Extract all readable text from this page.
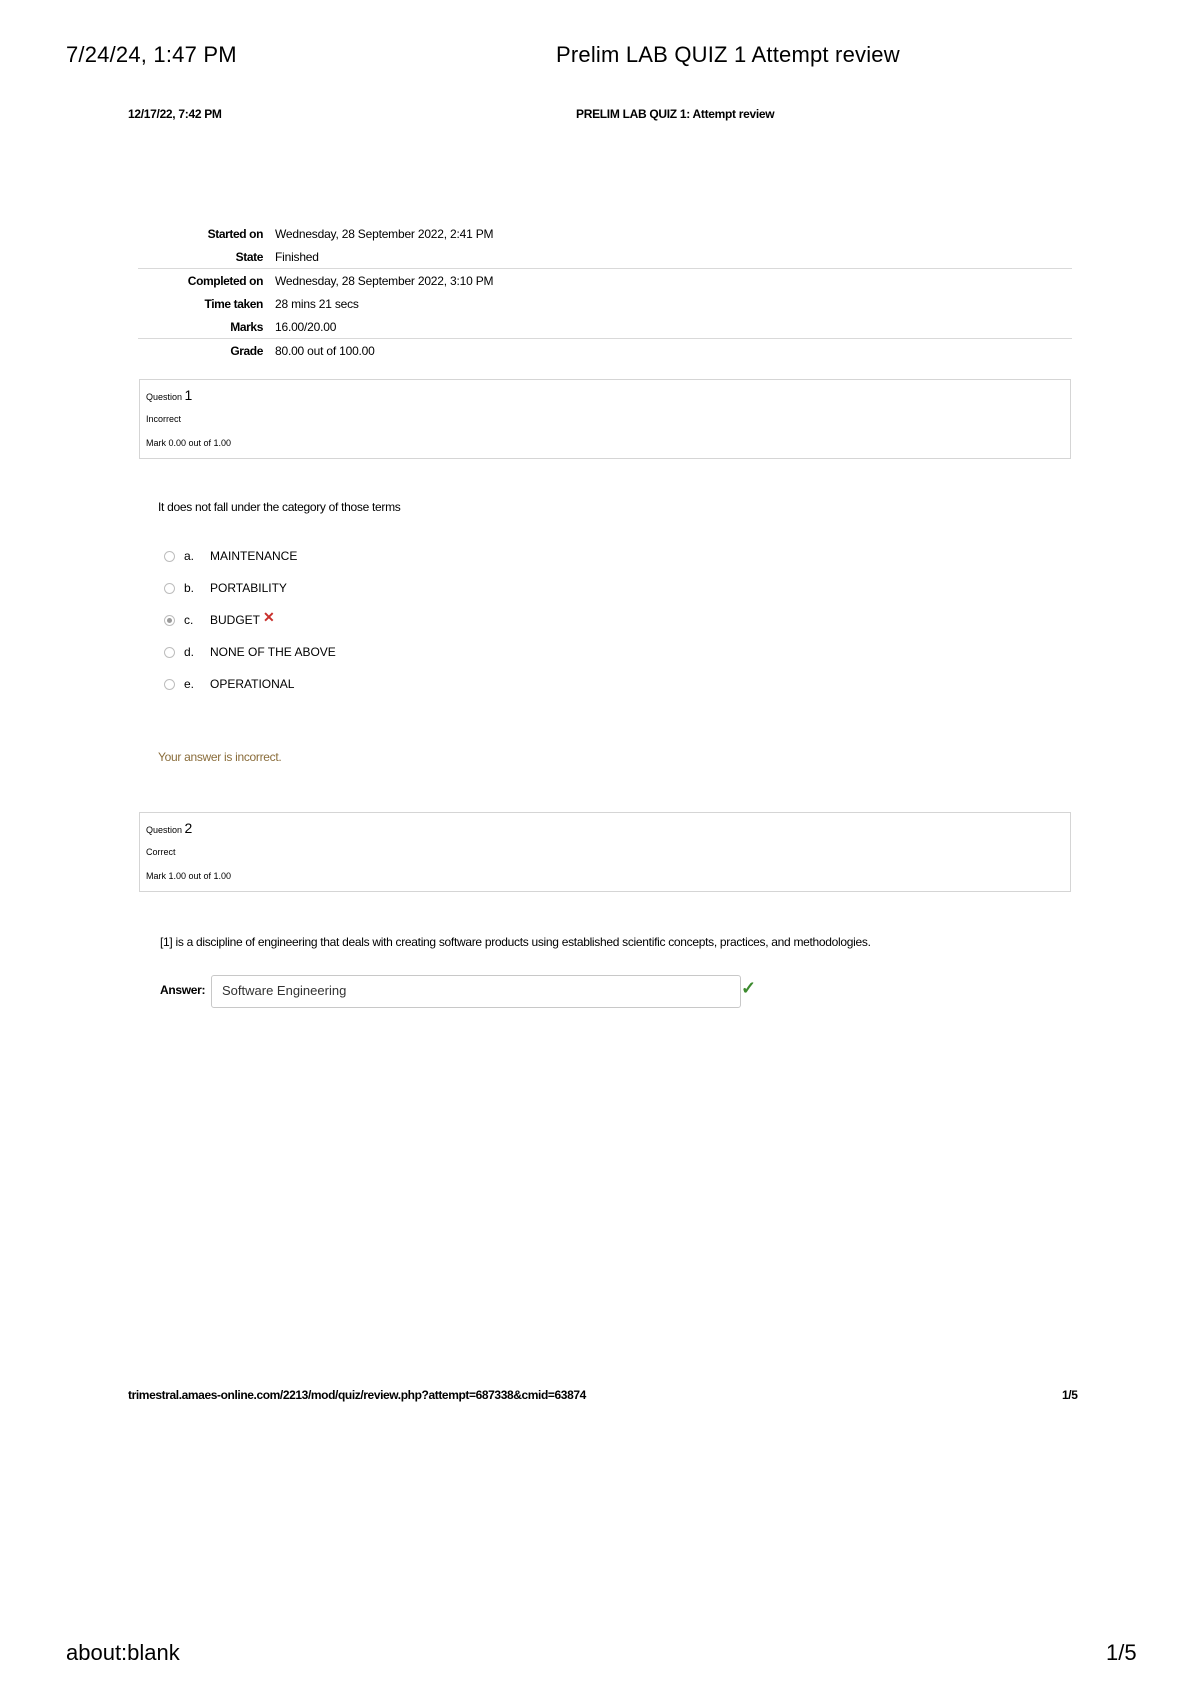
7/24/24, 1:47 PM	Prelim LAB QUIZ 1 Attempt review
12/17/22, 7:42 PM	PRELIM LAB QUIZ 1: Attempt review
Started on	Wednesday, 28 September 2022, 2:41 PM
State	Finished
Completed on	Wednesday, 28 September 2022, 3:10 PM
Time taken	28 mins 21 secs
Marks	16.00/20.00
Grade	80.00 out of 100.00
Question 1
Incorrect
Mark 0.00 out of 1.00
It does not fall under the category of those terms
a.	MAINTENANCE
b.	PORTABILITY
c.	BUDGET ✕
d.	NONE OF THE ABOVE
e.	OPERATIONAL
Your answer is incorrect.
Question 2
Correct
Mark 1.00 out of 1.00
[1] is a discipline of engineering that deals with creating software products using established scientific concepts, practices, and methodologies.
Answer:	Software Engineering	✓
trimestral.amaes-online.com/2213/mod/quiz/review.php?attempt=687338&cmid=63874	1/5
about:blank	1/5
